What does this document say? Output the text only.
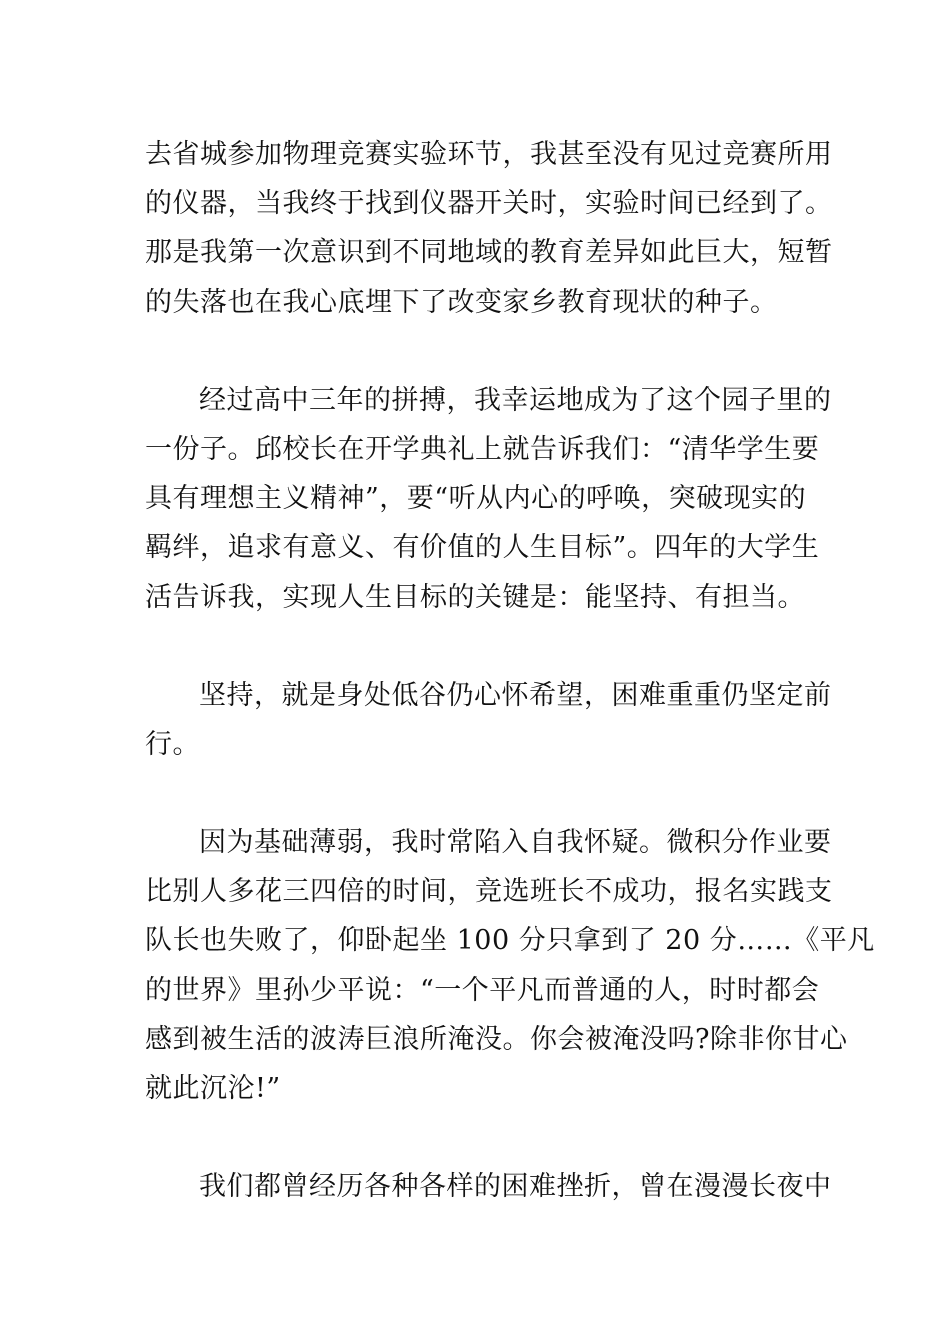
去省城参加物理竞赛实验环节，我甚至没有见过竞赛所用
的仪器，当我终于找到仪器开关时，实验时间已经到了。
那是我第一次意识到不同地域的教育差异如此巨大，短暂
的失落也在我心底埋下了改变家乡教育现状的种子。
经过高中三年的拼搏，我幸运地成为了这个园子里的
一份子。邱校长在开学典礼上就告诉我们：“清华学生要
具有理想主义精神”，要“听从内心的呼唤，突破现实的
羁绊，追求有意义、有价值的人生目标”。四年的大学生
活告诉我，实现人生目标的关键是：能坚持、有担当。
坚持，就是身处低谷仍心怀希望，困难重重仍坚定前
行。
因为基础薄弱，我时常陷入自我怀疑。微积分作业要
比别人多花三四倍的时间，竞选班长不成功，报名实践支
队长也失败了，仰卧起坐 100 分只拿到了 20 分……《平凡
的世界》里孙少平说：“一个平凡而普通的人，时时都会
感到被生活的波涛巨浪所淹没。你会被淹没吗?除非你甘心
就此沉沦!”
我们都曾经历各种各样的困难挫折，曾在漫漫长夜中
